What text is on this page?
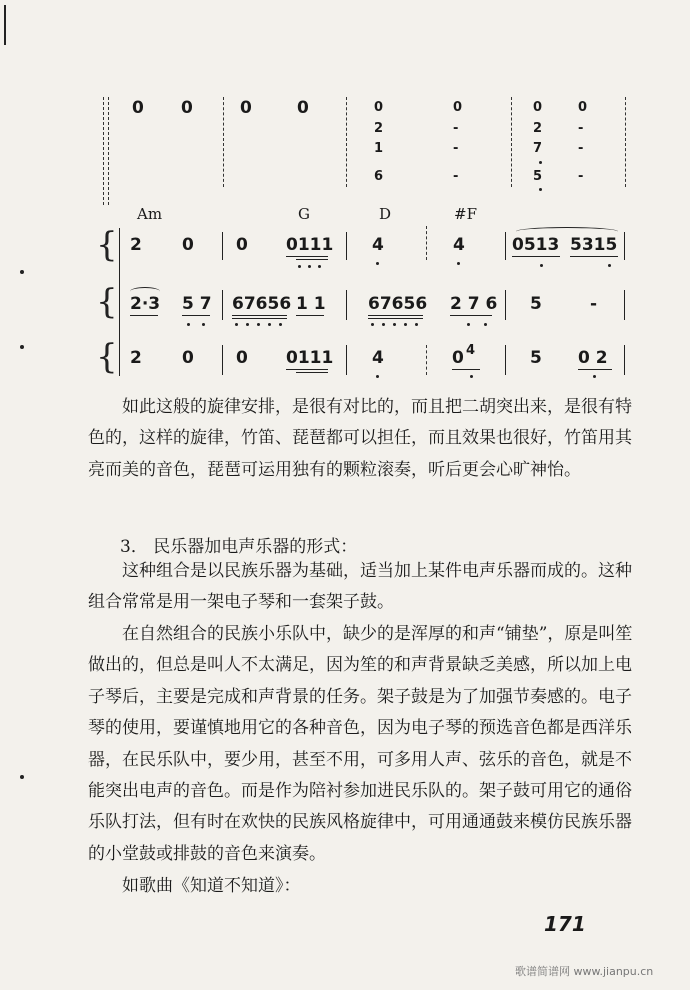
0 0	0	0	0
2
1
6
0
-
-
-
0
2
7
5
0
-
-
-
Am	G	D	#F
{ 2 0 0 0111 4	4	0513 5315
{ 2·3 5 7 67656 1 1 67656 2 7 6 5	-
{ 2 0 0 0111 4	0 4	5 0 2

如此这般的旋律安排，是很有对比的，而且把二胡突出来，是很有特色的，这样的旋律，竹笛、琵琶都可以担任，而且效果也很好，竹笛用其亮而美的音色，琵琶可运用独有的颗粒滚奏，听后更会心旷神怡。

3． 民乐器加电声乐器的形式：

这种组合是以民族乐器为基础，适当加上某件电声乐器而成的。这种组合常常是用一架电子琴和一套架子鼓。

在自然组合的民族小乐队中，缺少的是浑厚的和声“铺垫”，原是叫笙做出的，但总是叫人不太满足，因为笙的和声背景缺乏美感，所以加上电子琴后，主要是完成和声背景的任务。架子鼓是为了加强节奏感的。电子琴的使用，要谨慎地用它的各种音色，因为电子琴的预选音色都是西洋乐器，在民乐队中，要少用，甚至不用，可多用人声、弦乐的音色，就是不能突出电声的音色。而是作为陪衬参加进民乐队的。架子鼓可用它的通俗乐队打法，但有时在欢快的民族风格旋律中，可用通通鼓来模仿民族乐器的小堂鼓或排鼓的音色来演奏。

如歌曲《知道不知道》：

171
歌谱简谱网 www.jianpu.cn
